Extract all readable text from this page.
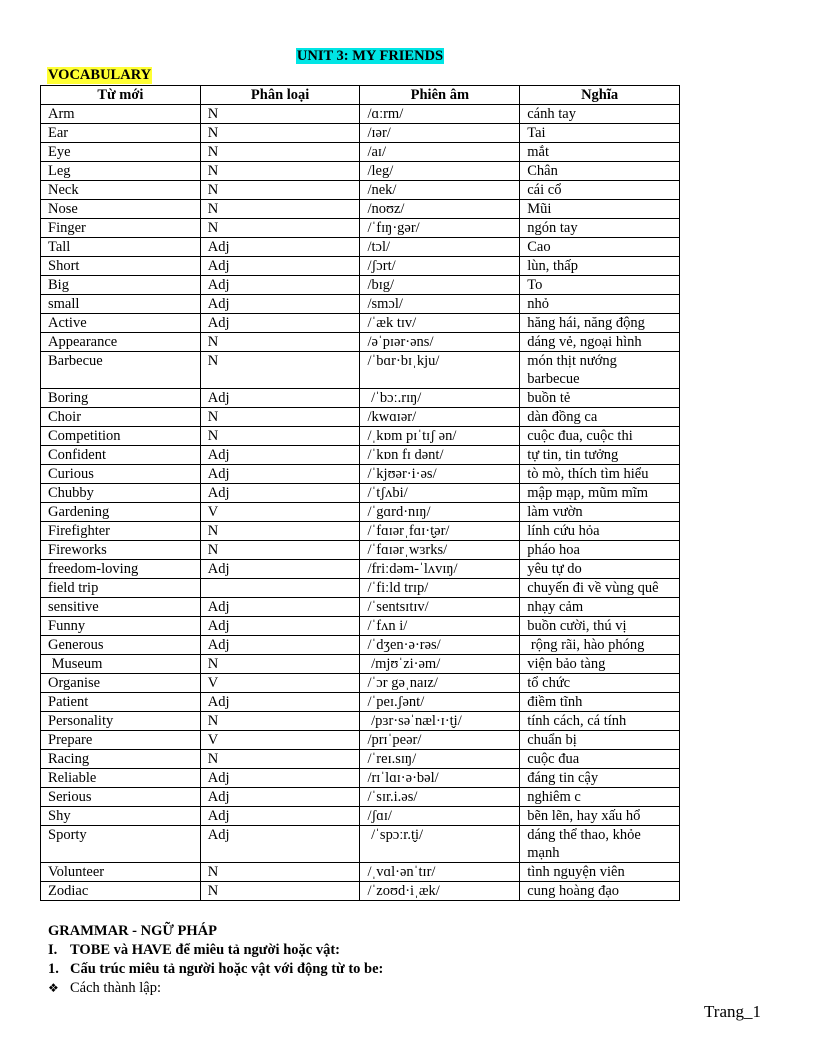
UNIT 3: MY FRIENDS
VOCABULARY
Từ mới	Phân loại	Phiên âm	Nghĩa
Arm	N	/ɑːrm/	cánh tay
Ear	N	/ɪər/	Tai
Eye	N	/aɪ/	mắt
Leg	N	/leg/	Chân
Neck	N	/nek/	cái cổ
Nose	N	/noʊz/	Mũi
Finger	N	/ˈfɪŋ·gər/	ngón tay
Tall	Adj	/tɔl/	Cao
Short	Adj	/ʃɔrt/	lùn, thấp
Big	Adj	/bɪg/	To
small	Adj	/smɔl/	nhỏ
Active	Adj	/ˈæk tɪv/	hăng hái, năng động
Appearance	N	/əˈpɪər·əns/	dáng vẻ, ngoại hình
Barbecue	N	/ˈbɑr·bɪˌkju/	món thịt nướng barbecue
Boring	Adj	/ˈbɔː.rɪŋ/	buồn tẻ
Choir	N	/kwɑɪər/	dàn đồng ca
Competition	N	/ˌkɒm pɪˈtɪʃ ən/	cuộc đua, cuộc thi
Confident	Adj	/ˈkɒn fɪ dənt/	tự tin, tin tưởng
Curious	Adj	/ˈkjʊər·i·əs/	tò mò, thích tìm hiểu
Chubby	Adj	/ˈtʃʌbi/	mập mạp, mũm mĩm
Gardening	V	/ˈgɑrd·nɪŋ/	làm vườn
Firefighter	N	/ˈfɑɪərˌfɑɪ·t̬ər/	lính cứu hỏa
Fireworks	N	/ˈfɑɪərˌwɜrks/	pháo hoa
freedom-loving	Adj	/friːdəm-ˈlʌvɪŋ/	yêu tự do
field trip		/ˈfiːld trɪp/	chuyến đi về vùng quê
sensitive	Adj	/ˈsentsɪtɪv/	nhạy cảm
Funny	Adj	/ˈfʌn i/	buồn cười, thú vị
Generous	Adj	/ˈdʒen·ə·rəs/	rộng rãi, hào phóng
Museum	N	/mjʊˈzi·əm/	viện bảo tàng
Organise	V	/ˈɔr gəˌnaɪz/	tổ chức
Patient	Adj	/ˈpeɪ.ʃənt/	điềm tĩnh
Personality	N	/pɜr·səˈnæl·ɪ·t̬i/	tính cách, cá tính
Prepare	V	/prɪˈpeər/	chuẩn bị
Racing	N	/ˈreɪ.sɪŋ/	cuộc đua
Reliable	Adj	/rɪˈlɑɪ·ə·bəl/	đáng tin cậy
Serious	Adj	/ˈsɪr.i.əs/	nghiêm c
Shy	Adj	/ʃɑɪ/	bẽn lẽn, hay xấu hổ
Sporty	Adj	/ˈspɔːr.t̬i/	dáng thể thao, khỏe mạnh
Volunteer	N	/ˌvɑl·ənˈtɪr/	tình nguyện viên
Zodiac	N	/ˈzoʊd·iˌæk/	cung hoàng đạo
GRAMMAR - NGỮ PHÁP
I. TOBE và HAVE để miêu tả người hoặc vật:
1. Cấu trúc miêu tả người hoặc vật với động từ to be:
❖ Cách thành lập:
Trang_1
